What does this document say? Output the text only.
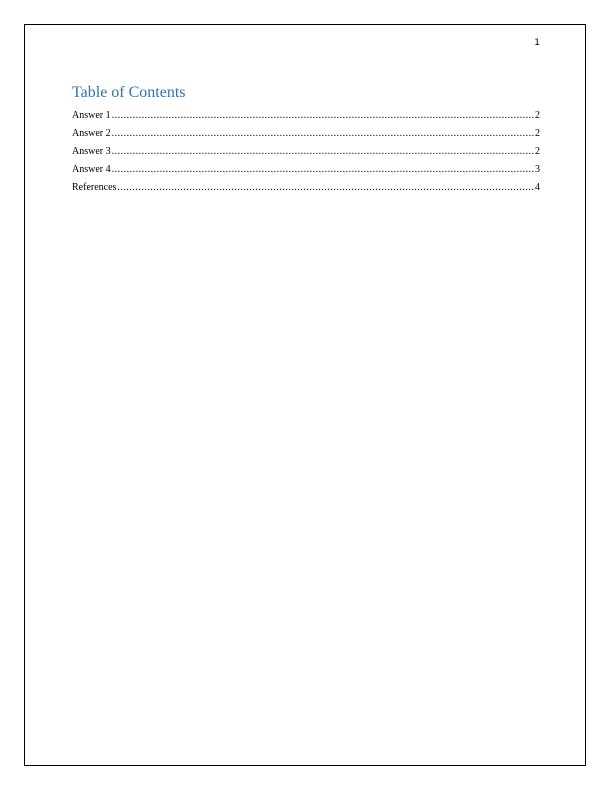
1
Table of Contents
Answer 1 .....	2
Answer 2 .....	2
Answer 3 .....	2
Answer 4 .....	3
References .....	4
